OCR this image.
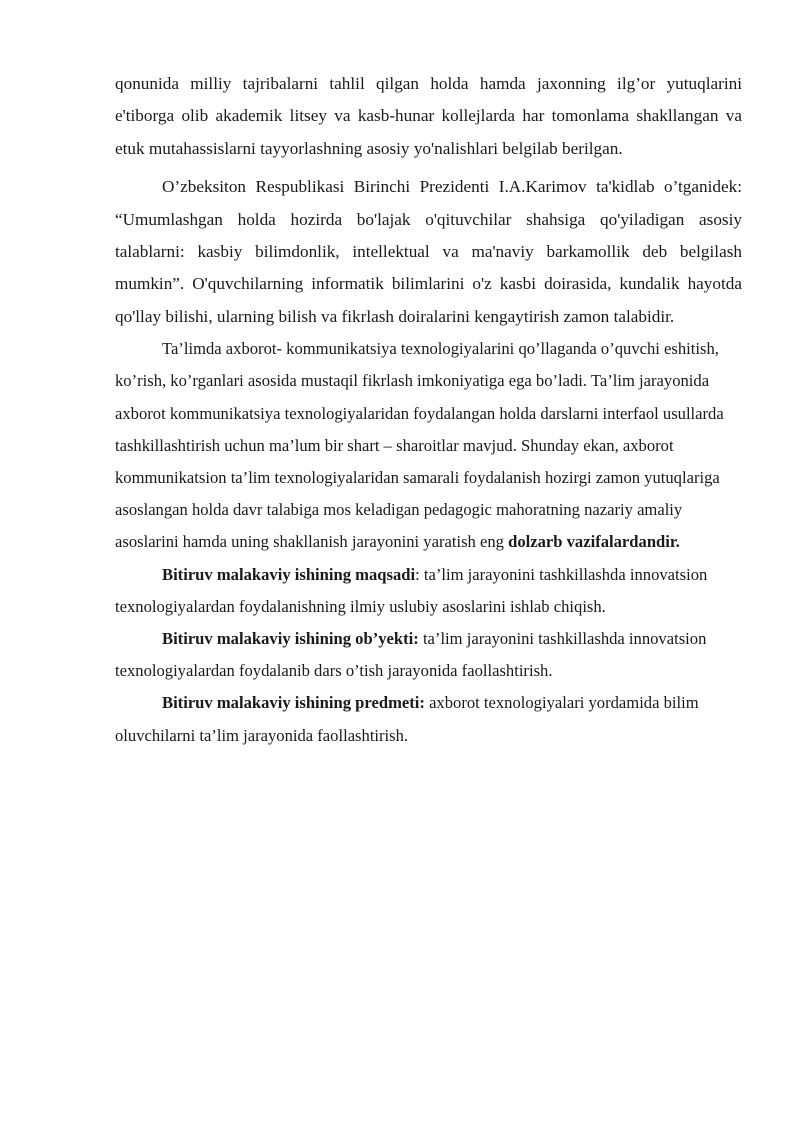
qonunida milliy tajribalarni tahlil qilgan holda hamda jaxonning ilg’or yutuqlarini e'tiborga olib akademik litsey va kasb-hunar kollejlarda har tomonlama shakllangan va etuk mutahassislarni tayyorlashning asosiy yo'nalishlari belgilab berilgan.

O’zbeksiton Respublikasi Birinchi Prezidenti I.A.Karimov ta'kidlab o’tganidek: “Umumlashgan holda hozirda bo'lajak o'qituvchilar shahsiga qo'yiladigan asosiy talablarni: kasbiy bilimdonlik, intellektual va ma'naviy barkamollik deb belgilash mumkin”. O'quvchilarning informatik bilimlarini o'z kasbi doirasida, kundalik hayotda qo'llay bilishi, ularning bilish va fikrlash doiralarini kengaytirish zamon talabidir.

Ta’limda axborot- kommunikatsiya texnologiyalarini qo’llaganda o’quvchi eshitish, ko’rish, ko’rganlari asosida mustaqil fikrlash imkoniyatiga ega bo’ladi. Ta’lim jarayonida axborot kommunikatsiya texnologiyalaridan foydalangan holda darslarni interfaol usullarda tashkillashtirish uchun ma’lum bir shart – sharoitlar mavjud. Shunday ekan, axborot kommunikatsion ta’lim texnologiyalaridan samarali foydalanish hozirgi zamon yutuqlariga asoslangan holda davr talabiga mos keladigan pedagogic mahoratning nazariy amaliy asoslarini hamda uning shakllanish jarayonini yaratish eng dolzarb vazifalardandir.

Bitiruv malakaviy ishining maqsadi: ta’lim jarayonini tashkillashda innovatsion texnologiyalardan foydalanishning ilmiy uslubiy asoslarini ishlab chiqish.

Bitiruv malakaviy ishining ob’yekti: ta’lim jarayonini tashkillashda innovatsion texnologiyalardan foydalanib dars o’tish jarayonida faollashtirish.

Bitiruv malakaviy ishining predmeti: axborot texnologiyalari yordamida bilim oluvchilarni ta’lim jarayonida faollashtirish.
